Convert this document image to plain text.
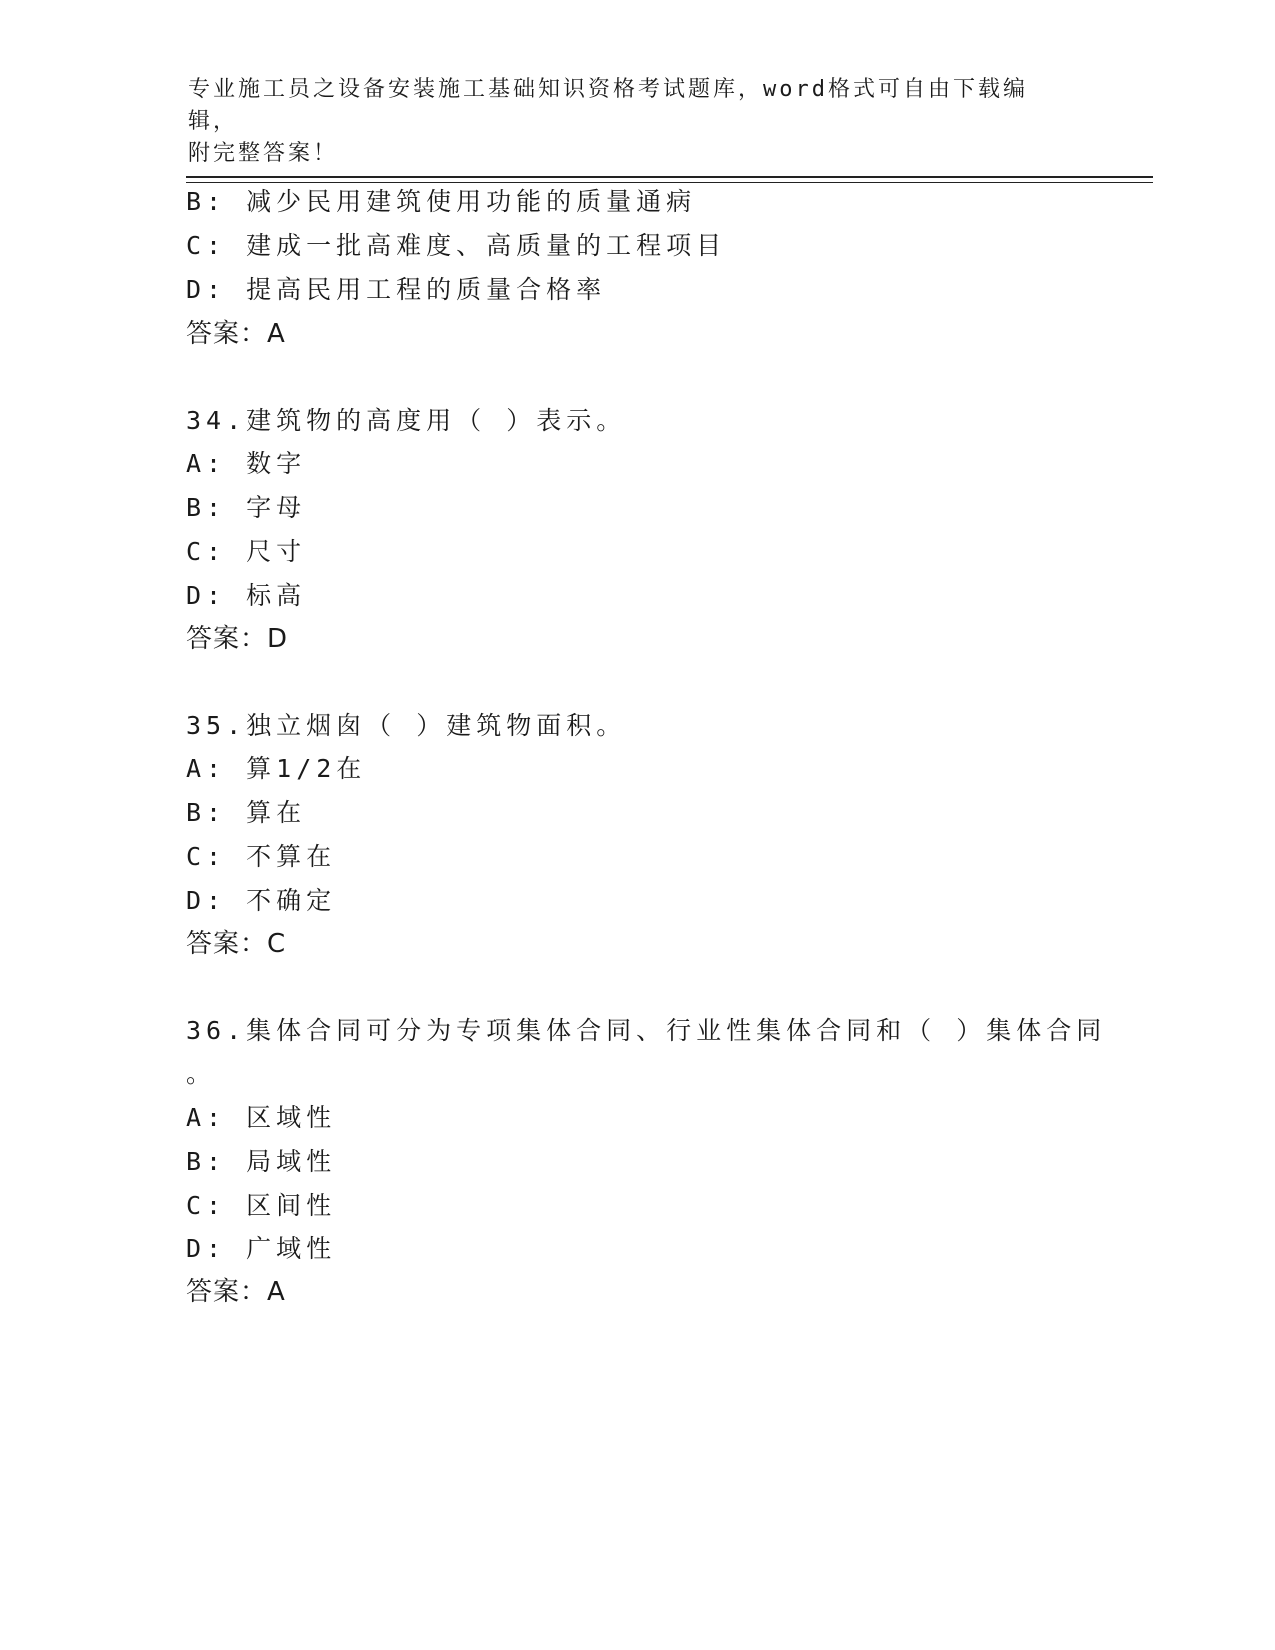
专业施工员之设备安装施工基础知识资格考试题库，word格式可自由下载编辑，
附完整答案！
B: 减少民用建筑使用功能的质量通病
C: 建成一批高难度、高质量的工程项目
D: 提高民用工程的质量合格率
答案：A
34.建筑物的高度用（ ）表示。
A: 数字
B: 字母
C: 尺寸
D: 标高
答案：D
35.独立烟囱（ ）建筑物面积。
A: 算1/2在
B: 算在
C: 不算在
D: 不确定
答案：C
36.集体合同可分为专项集体合同、行业性集体合同和（ ）集体合同
。
A: 区域性
B: 局域性
C: 区间性
D: 广域性
答案：A
